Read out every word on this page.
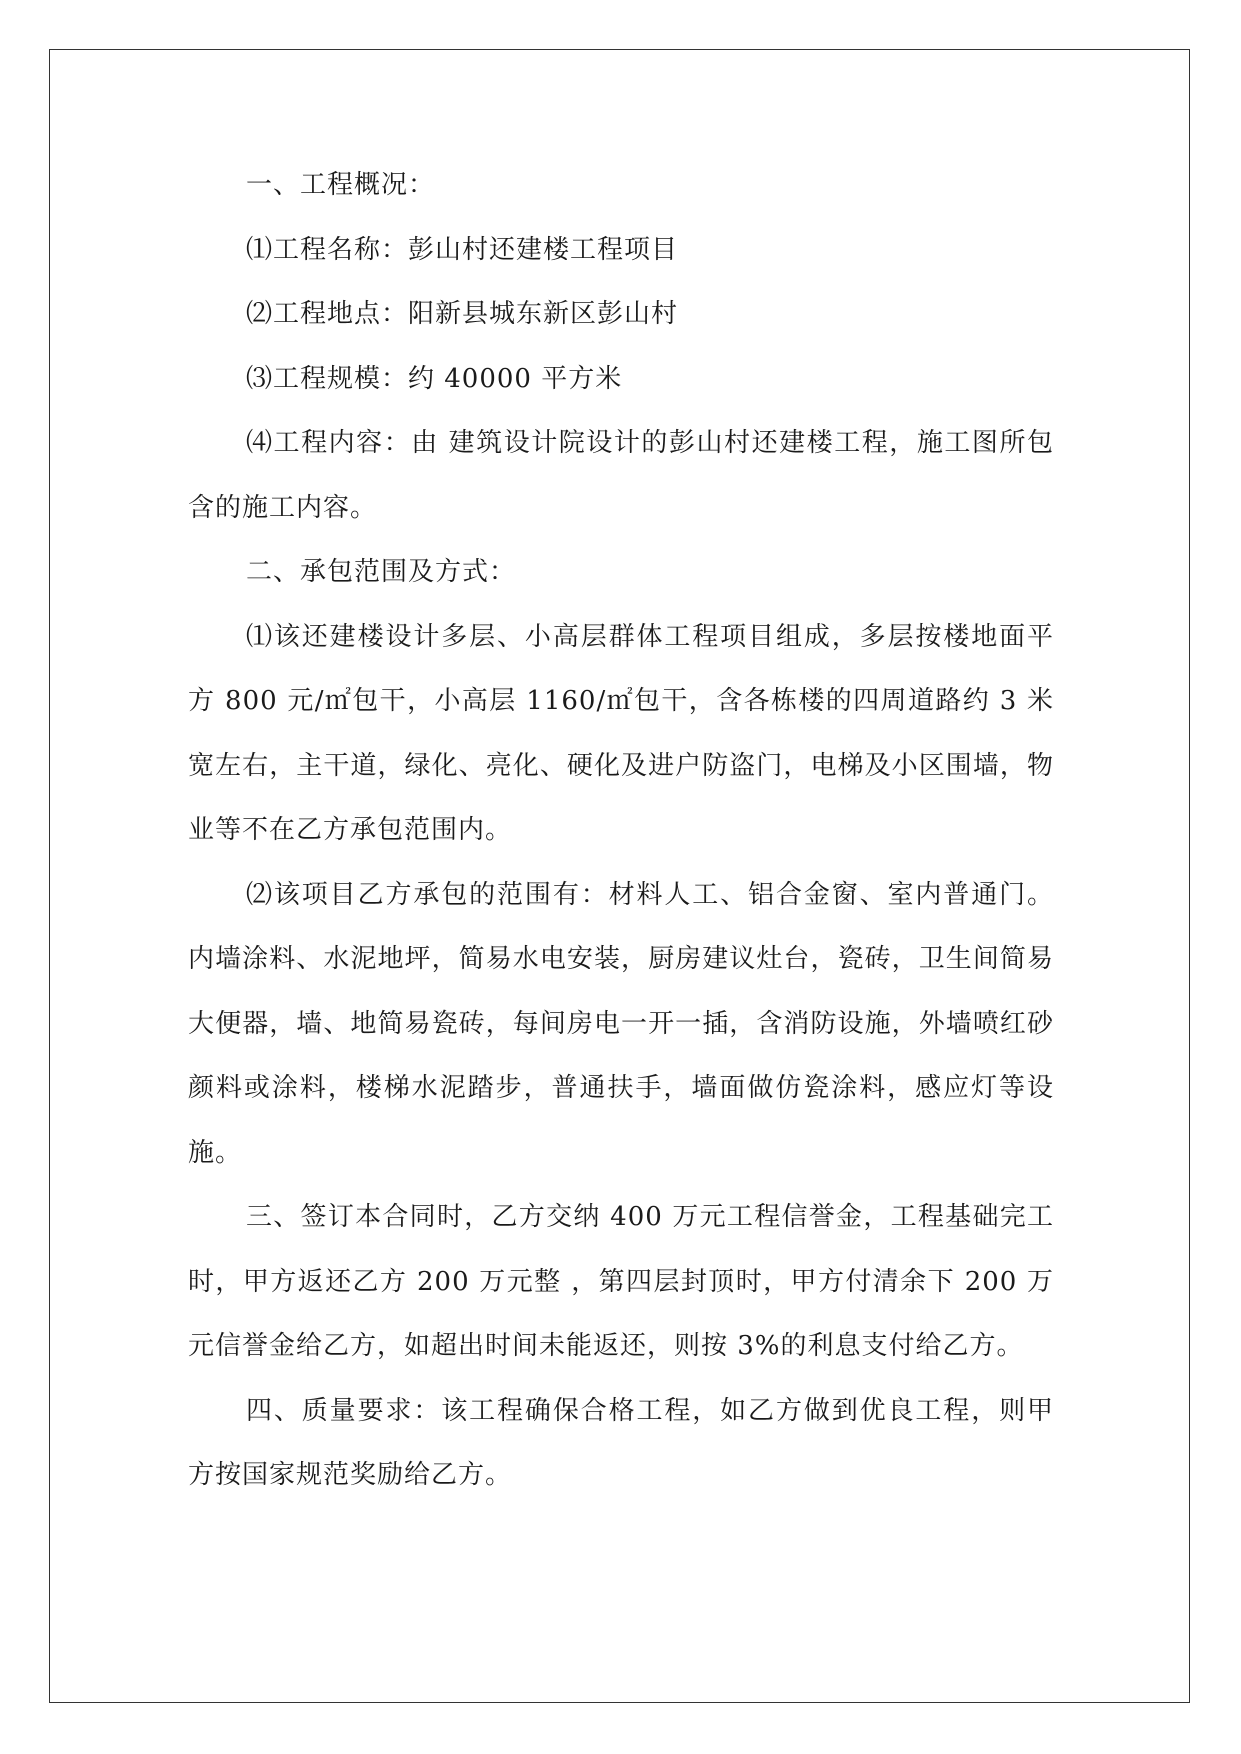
一、工程概况：

⑴工程名称：彭山村还建楼工程项目

⑵工程地点：阳新县城东新区彭山村

⑶工程规模：约 40000 平方米

⑷工程内容：由 建筑设计院设计的彭山村还建楼工程，施工图所包含的施工内容。

二、承包范围及方式：

⑴该还建楼设计多层、小高层群体工程项目组成，多层按楼地面平方 800 元/㎡包干，小高层 1160/㎡包干，含各栋楼的四周道路约 3 米宽左右，主干道，绿化、亮化、硬化及进户防盗门，电梯及小区围墙，物业等不在乙方承包范围内。

⑵该项目乙方承包的范围有：材料人工、铝合金窗、室内普通门。内墙涂料、水泥地坪，简易水电安装，厨房建议灶台，瓷砖，卫生间简易大便器，墙、地简易瓷砖，每间房电一开一插，含消防设施，外墙喷红砂颜料或涂料，楼梯水泥踏步，普通扶手，墙面做仿瓷涂料，感应灯等设施。

三、签订本合同时，乙方交纳 400 万元工程信誉金，工程基础完工时，甲方返还乙方 200 万元整 ，第四层封顶时，甲方付清余下 200 万元信誉金给乙方，如超出时间未能返还，则按 3%的利息支付给乙方。

四、质量要求：该工程确保合格工程，如乙方做到优良工程，则甲方按国家规范奖励给乙方。
